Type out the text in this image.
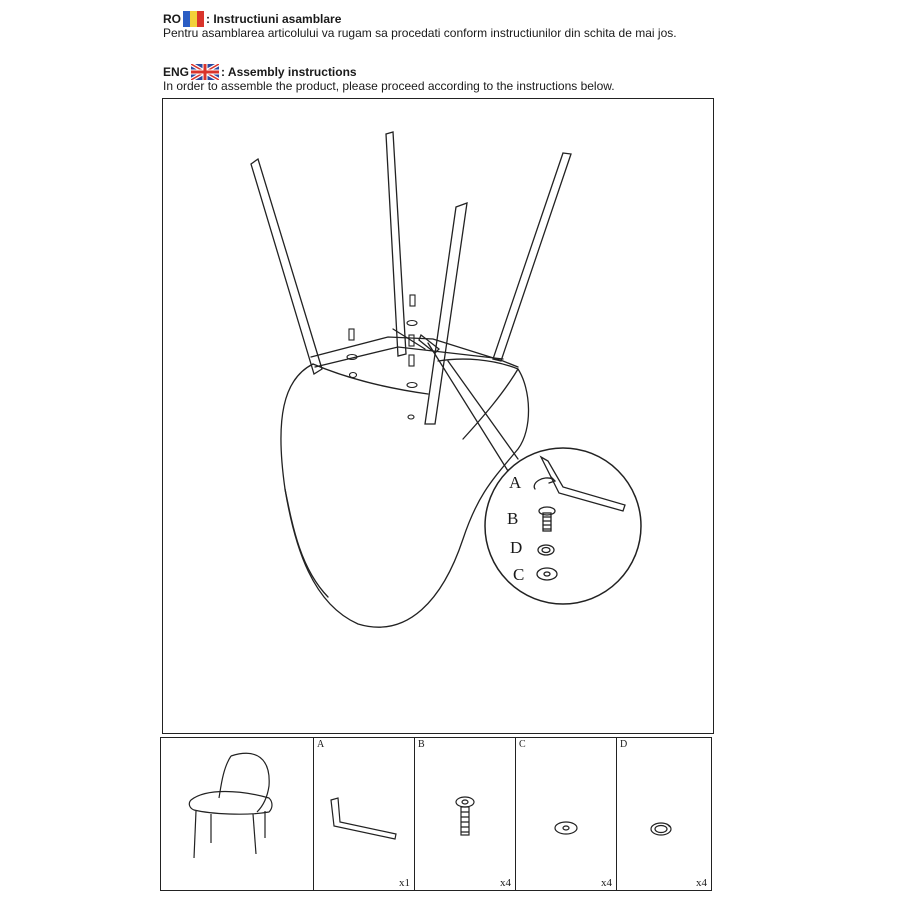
RO : Instructiuni asamblare
Pentru asamblarea articolului va rugam sa procedati conform instructiunilor din schita de mai jos.
ENG	: Assembly instructions
In order to assemble the product, please proceed according to the instructions below.
A
B
D
C
A
x1
B
x4
C
x4
D
x4
